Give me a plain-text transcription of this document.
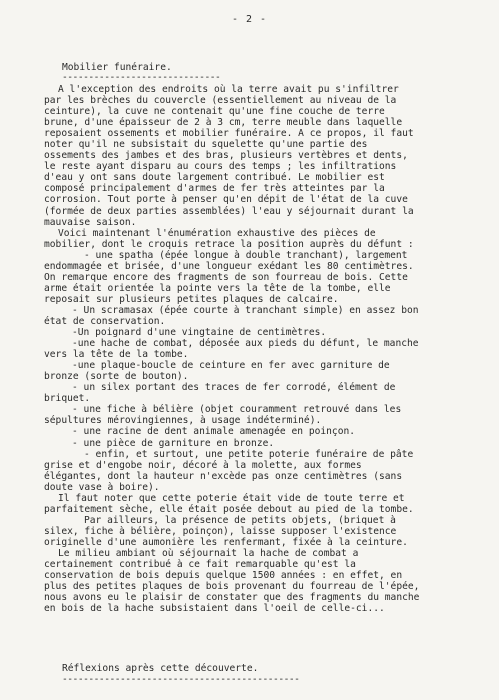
- 2 -
Mobilier funéraire.
------------------------------
A l'exception des endroits où la terre avait pu s'infiltrer
par les brèches du couvercle (essentiellement au niveau de la
ceinture), la cuve ne contenait qu'une fine couche de terre
brune, d'une épaisseur de 2 à 3 cm, terre meuble dans laquelle
reposaient ossements et mobilier funéraire. A ce propos, il faut
noter qu'il ne subsistait du squelette qu'une partie des
ossements des jambes et des bras, plusieurs vertèbres et dents,
le reste ayant disparu au cours des temps ; les infiltrations
d'eau y ont sans doute largement contribué. Le mobilier est
composé principalement d'armes de fer très atteintes par la
corrosion. Tout porte à penser qu'en dépit de l'état de la cuve
(formée de deux parties assemblées) l'eau y séjournait durant la
mauvaise saison.
Voici maintenant l'énumération exhaustive des pièces de
mobilier, dont le croquis retrace la position auprès du défunt :
- une spatha (épée longue à double tranchant), largement
endommagée et brisée, d'une longueur exédant les 80 centimètres.
On remarque encore des fragments de son fourreau de bois. Cette
arme était orientée la pointe vers la tête de la tombe, elle
reposait sur plusieurs petites plaques de calcaire.
- Un scramasax (épée courte à tranchant simple) en assez bon
état de conservation.
-Un poignard d'une vingtaine de centimètres.
-une hache de combat, déposée aux pieds du défunt, le manche
vers la tête de la tombe.
-une plaque-boucle de ceinture en fer avec garniture de
bronze (sorte de bouton).
- un silex portant des traces de fer corrodé, élément de
briquet.
- une fiche à bélière (objet couramment retrouvé dans les
sépultures mérovingiennes, à usage indéterminé).
- une racine de dent animale amenagée en poinçon.
- une pièce de garniture en bronze.
- enfin, et surtout, une petite poterie funéraire de pâte
grise et d'engobe noir, décoré à la molette, aux formes
élégantes, dont la hauteur n'excède pas onze centimètres (sans
doute vase à boire).
Il faut noter que cette poterie était vide de toute terre et
parfaitement sèche, elle était posée debout au pied de la tombe.
Par ailleurs, la présence de petits objets, (briquet à
silex, fiche à bélière, poinçon), laisse supposer l'existence
originelle d'une aumonière les renfermant, fixée à la ceinture.
Le milieu ambiant où séjournait la hache de combat a
certainement contribué à ce fait remarquable qu'est la
conservation de bois depuis quelque 1500 années : en effet, en
plus des petites plaques de bois provenant du fourreau de l'épée,
nous avons eu le plaisir de constater que des fragments du manche
en bois de la hache subsistaient dans l'oeil de celle-ci...
Réflexions après cette découverte.
---------------------------------------------
